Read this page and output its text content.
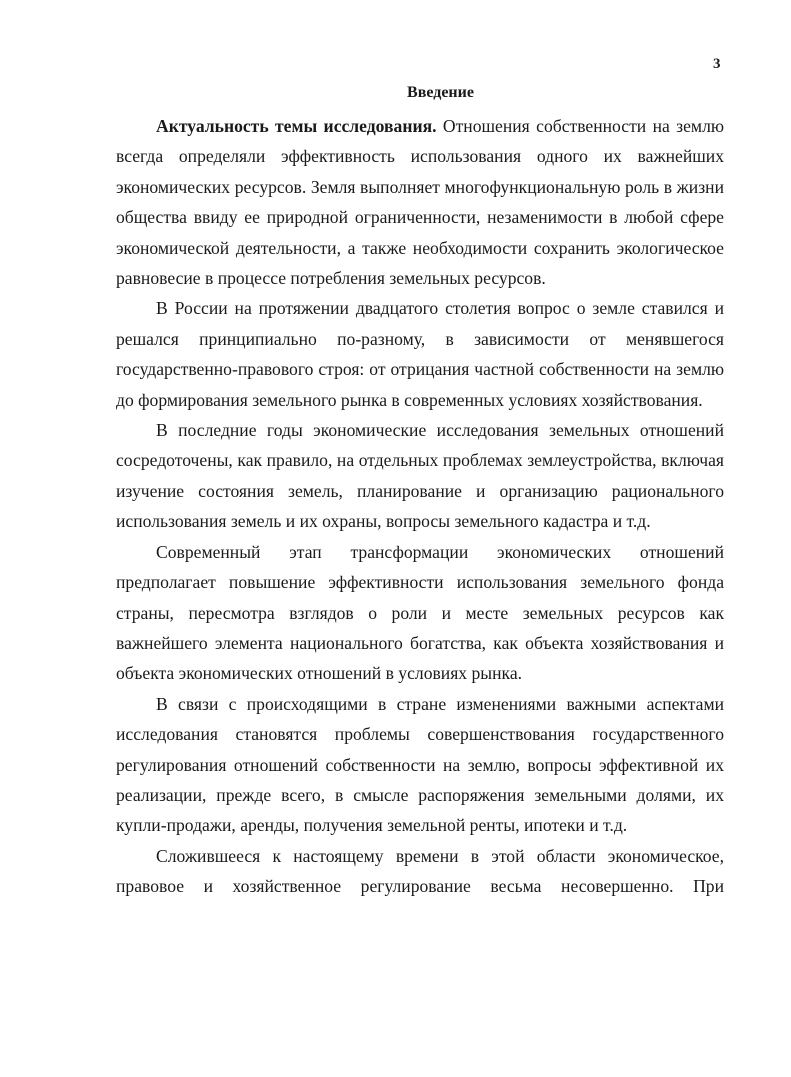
3
Введение

Актуальность темы исследования. Отношения собственности на землю всегда определяли эффективность использования одного их важнейших экономических ресурсов. Земля выполняет многофункциональную роль в жизни общества ввиду ее природной ограниченности, незаменимости в любой сфере экономической деятельности, а также необходимости сохранить экологическое равновесие в процессе потребления земельных ресурсов.

В России на протяжении двадцатого столетия вопрос о земле ставился и решался принципиально по-разному, в зависимости от менявшегося государственно-правового строя: от отрицания частной собственности на землю до формирования земельного рынка в современных условиях хозяйствования.

В последние годы экономические исследования земельных отношений сосредоточены, как правило, на отдельных проблемах землеустройства, включая изучение состояния земель, планирование и организацию рационального использования земель и их охраны, вопросы земельного кадастра и т.д.

Современный этап трансформации экономических отношений предполагает повышение эффективности использования земельного фонда страны, пересмотра взглядов о роли и месте земельных ресурсов как важнейшего элемента национального богатства, как объекта хозяйствования и объекта экономических отношений в условиях рынка.

В связи с происходящими в стране изменениями важными аспектами исследования становятся проблемы совершенствования государственного регулирования отношений собственности на землю, вопросы эффективной их реализации, прежде всего, в смысле распоряжения земельными долями, их купли-продажи, аренды, получения земельной ренты, ипотеки и т.д.

Сложившееся к настоящему времени в этой области экономическое, правовое и хозяйственное регулирование весьма несовершенно. При
